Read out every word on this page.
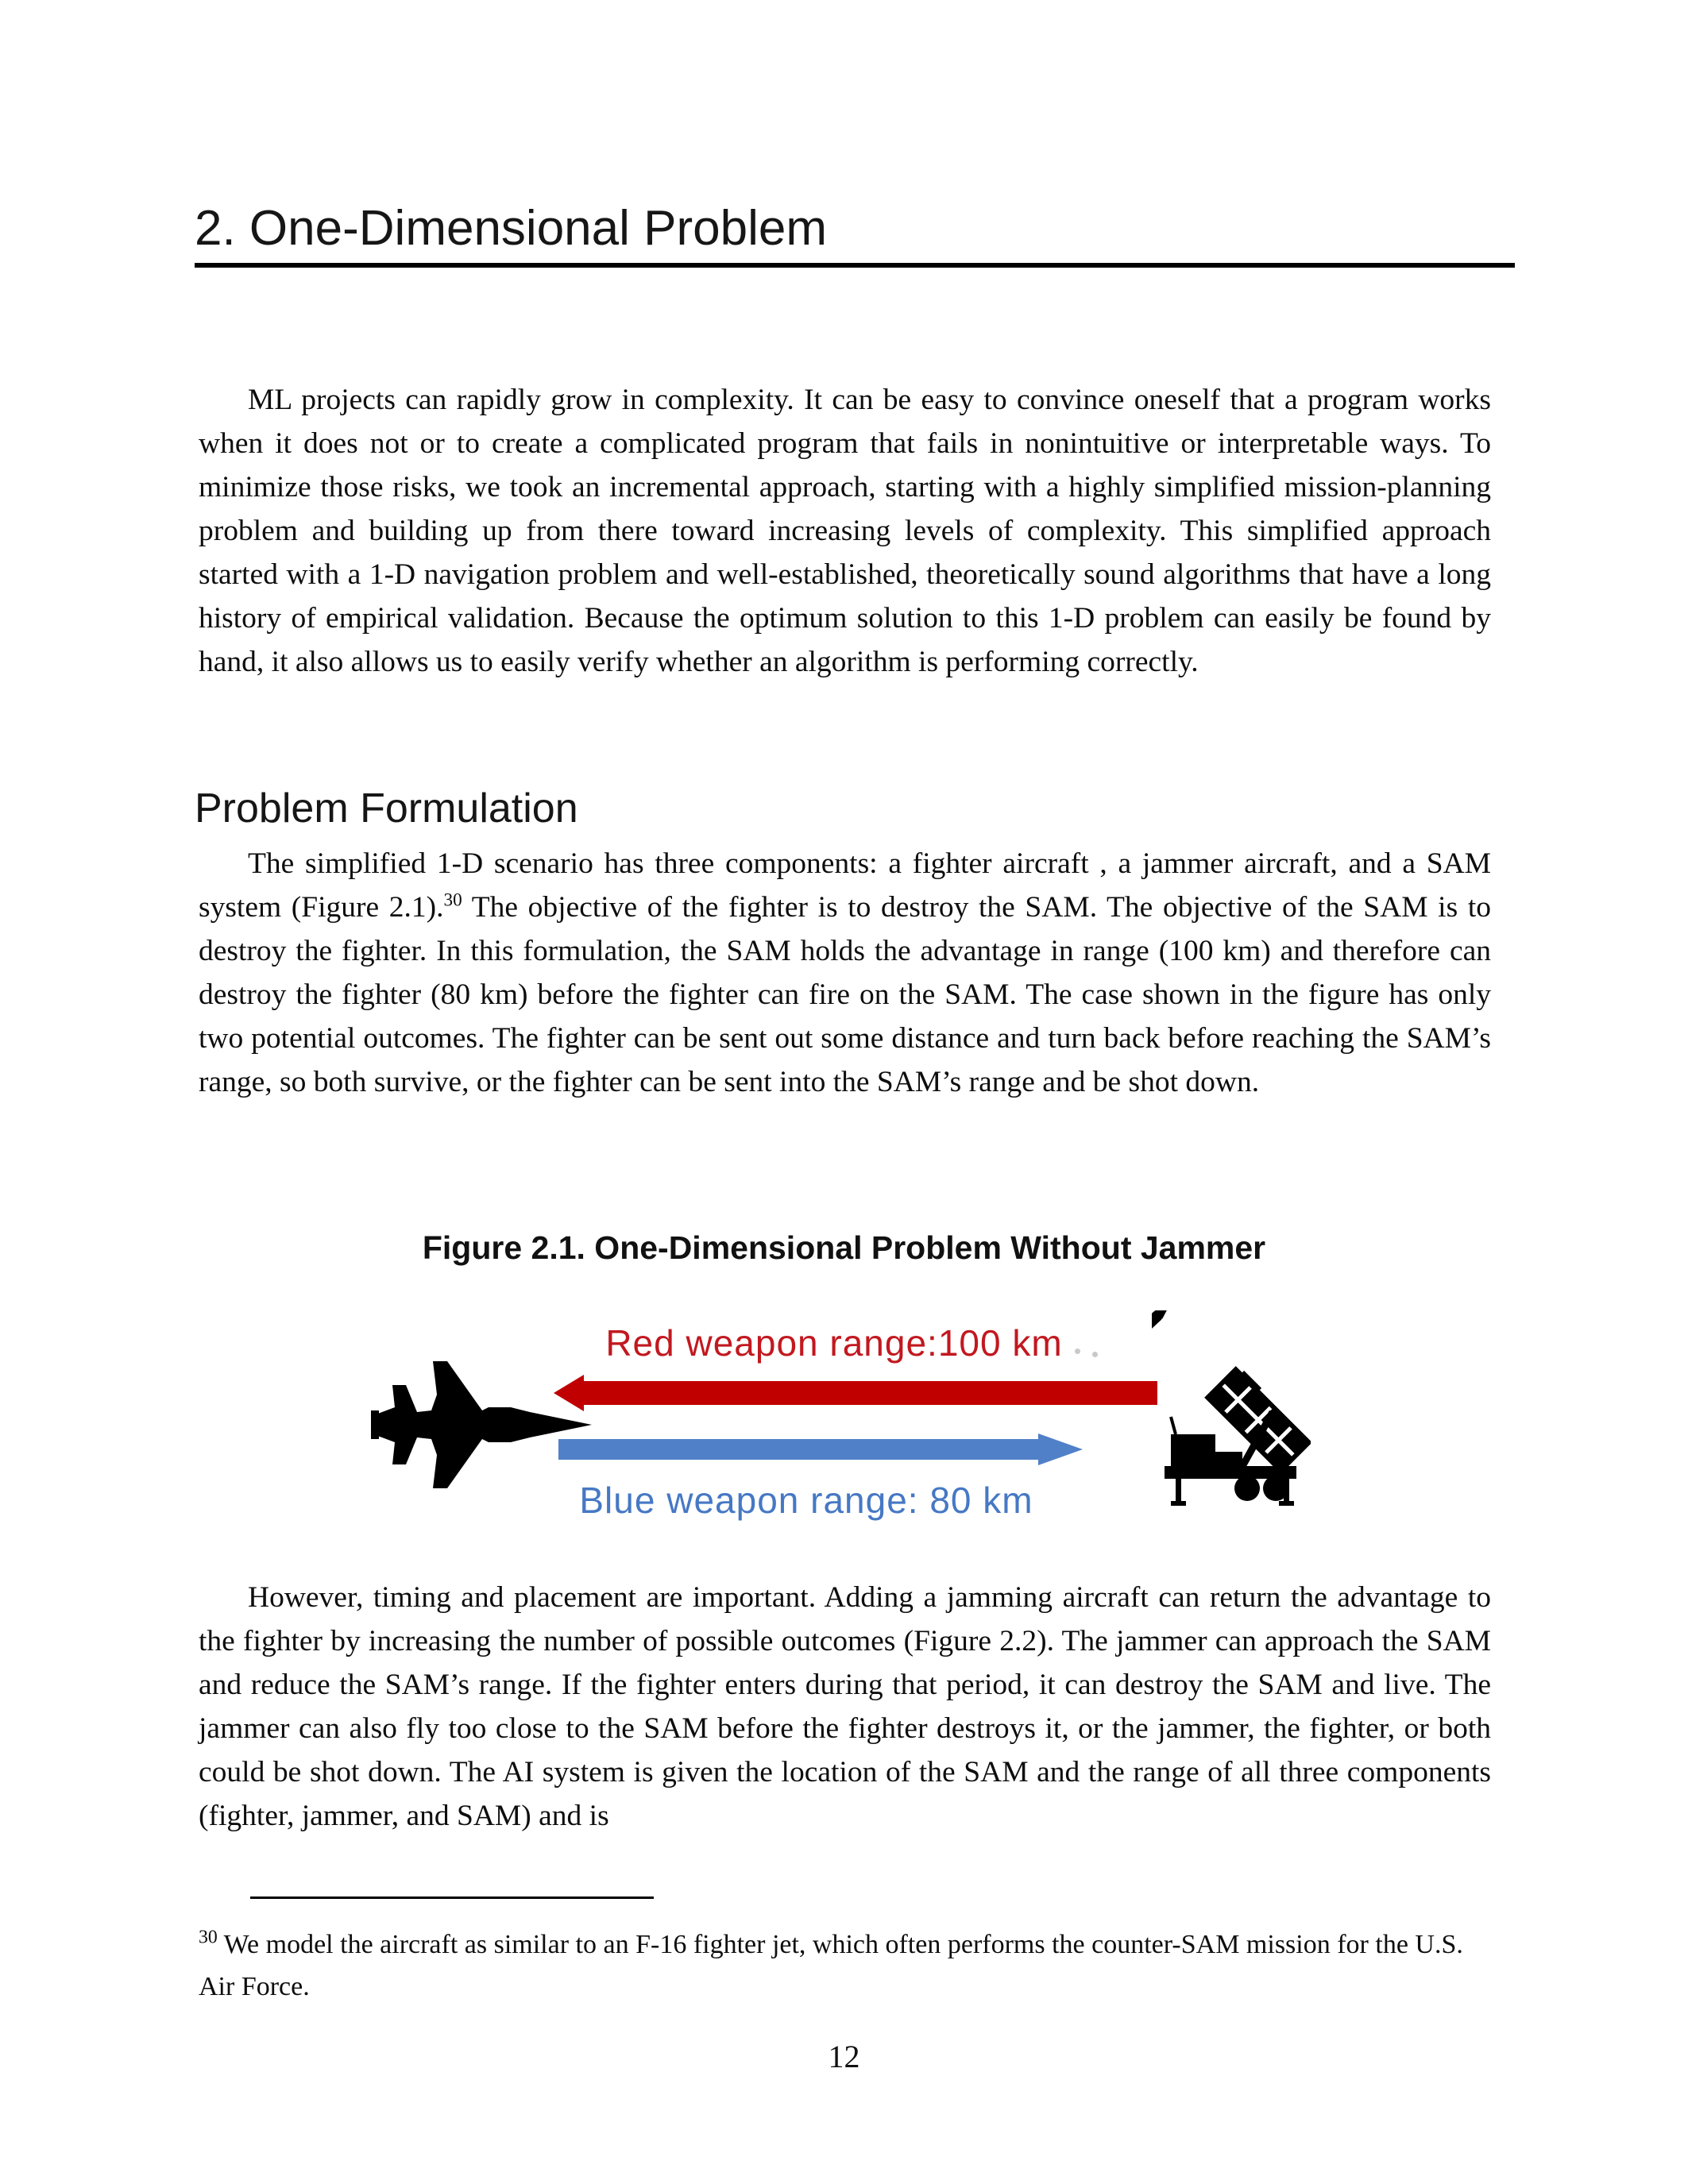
2. One-Dimensional Problem
ML projects can rapidly grow in complexity. It can be easy to convince oneself that a program works when it does not or to create a complicated program that fails in nonintuitive or interpretable ways. To minimize those risks, we took an incremental approach, starting with a highly simplified mission-planning problem and building up from there toward increasing levels of complexity. This simplified approach started with a 1-D navigation problem and well-established, theoretically sound algorithms that have a long history of empirical validation. Because the optimum solution to this 1-D problem can easily be found by hand, it also allows us to easily verify whether an algorithm is performing correctly.
Problem Formulation
The simplified 1-D scenario has three components: a fighter aircraft , a jammer aircraft, and a SAM system (Figure 2.1).$^{30}$ The objective of the fighter is to destroy the SAM. The objective of the SAM is to destroy the fighter. In this formulation, the SAM holds the advantage in range (100 km) and therefore can destroy the fighter (80 km) before the fighter can fire on the SAM. The case shown in the figure has only two potential outcomes. The fighter can be sent out some distance and turn back before reaching the SAM’s range, so both survive, or the fighter can be sent into the SAM’s range and be shot down.
Figure 2.1. One-Dimensional Problem Without Jammer
Red weapon range:100 km
Blue weapon range: 80 km
However, timing and placement are important. Adding a jamming aircraft can return the advantage to the fighter by increasing the number of possible outcomes (Figure 2.2). The jammer can approach the SAM and reduce the SAM’s range. If the fighter enters during that period, it can destroy the SAM and live. The jammer can also fly too close to the SAM before the fighter destroys it, or the jammer, the fighter, or both could be shot down. The AI system is given the location of the SAM and the range of all three components (fighter, jammer, and SAM) and is
$^{30}$ We model the aircraft as similar to an F-16 fighter jet, which often performs the counter-SAM mission for the U.S. Air Force.
12
